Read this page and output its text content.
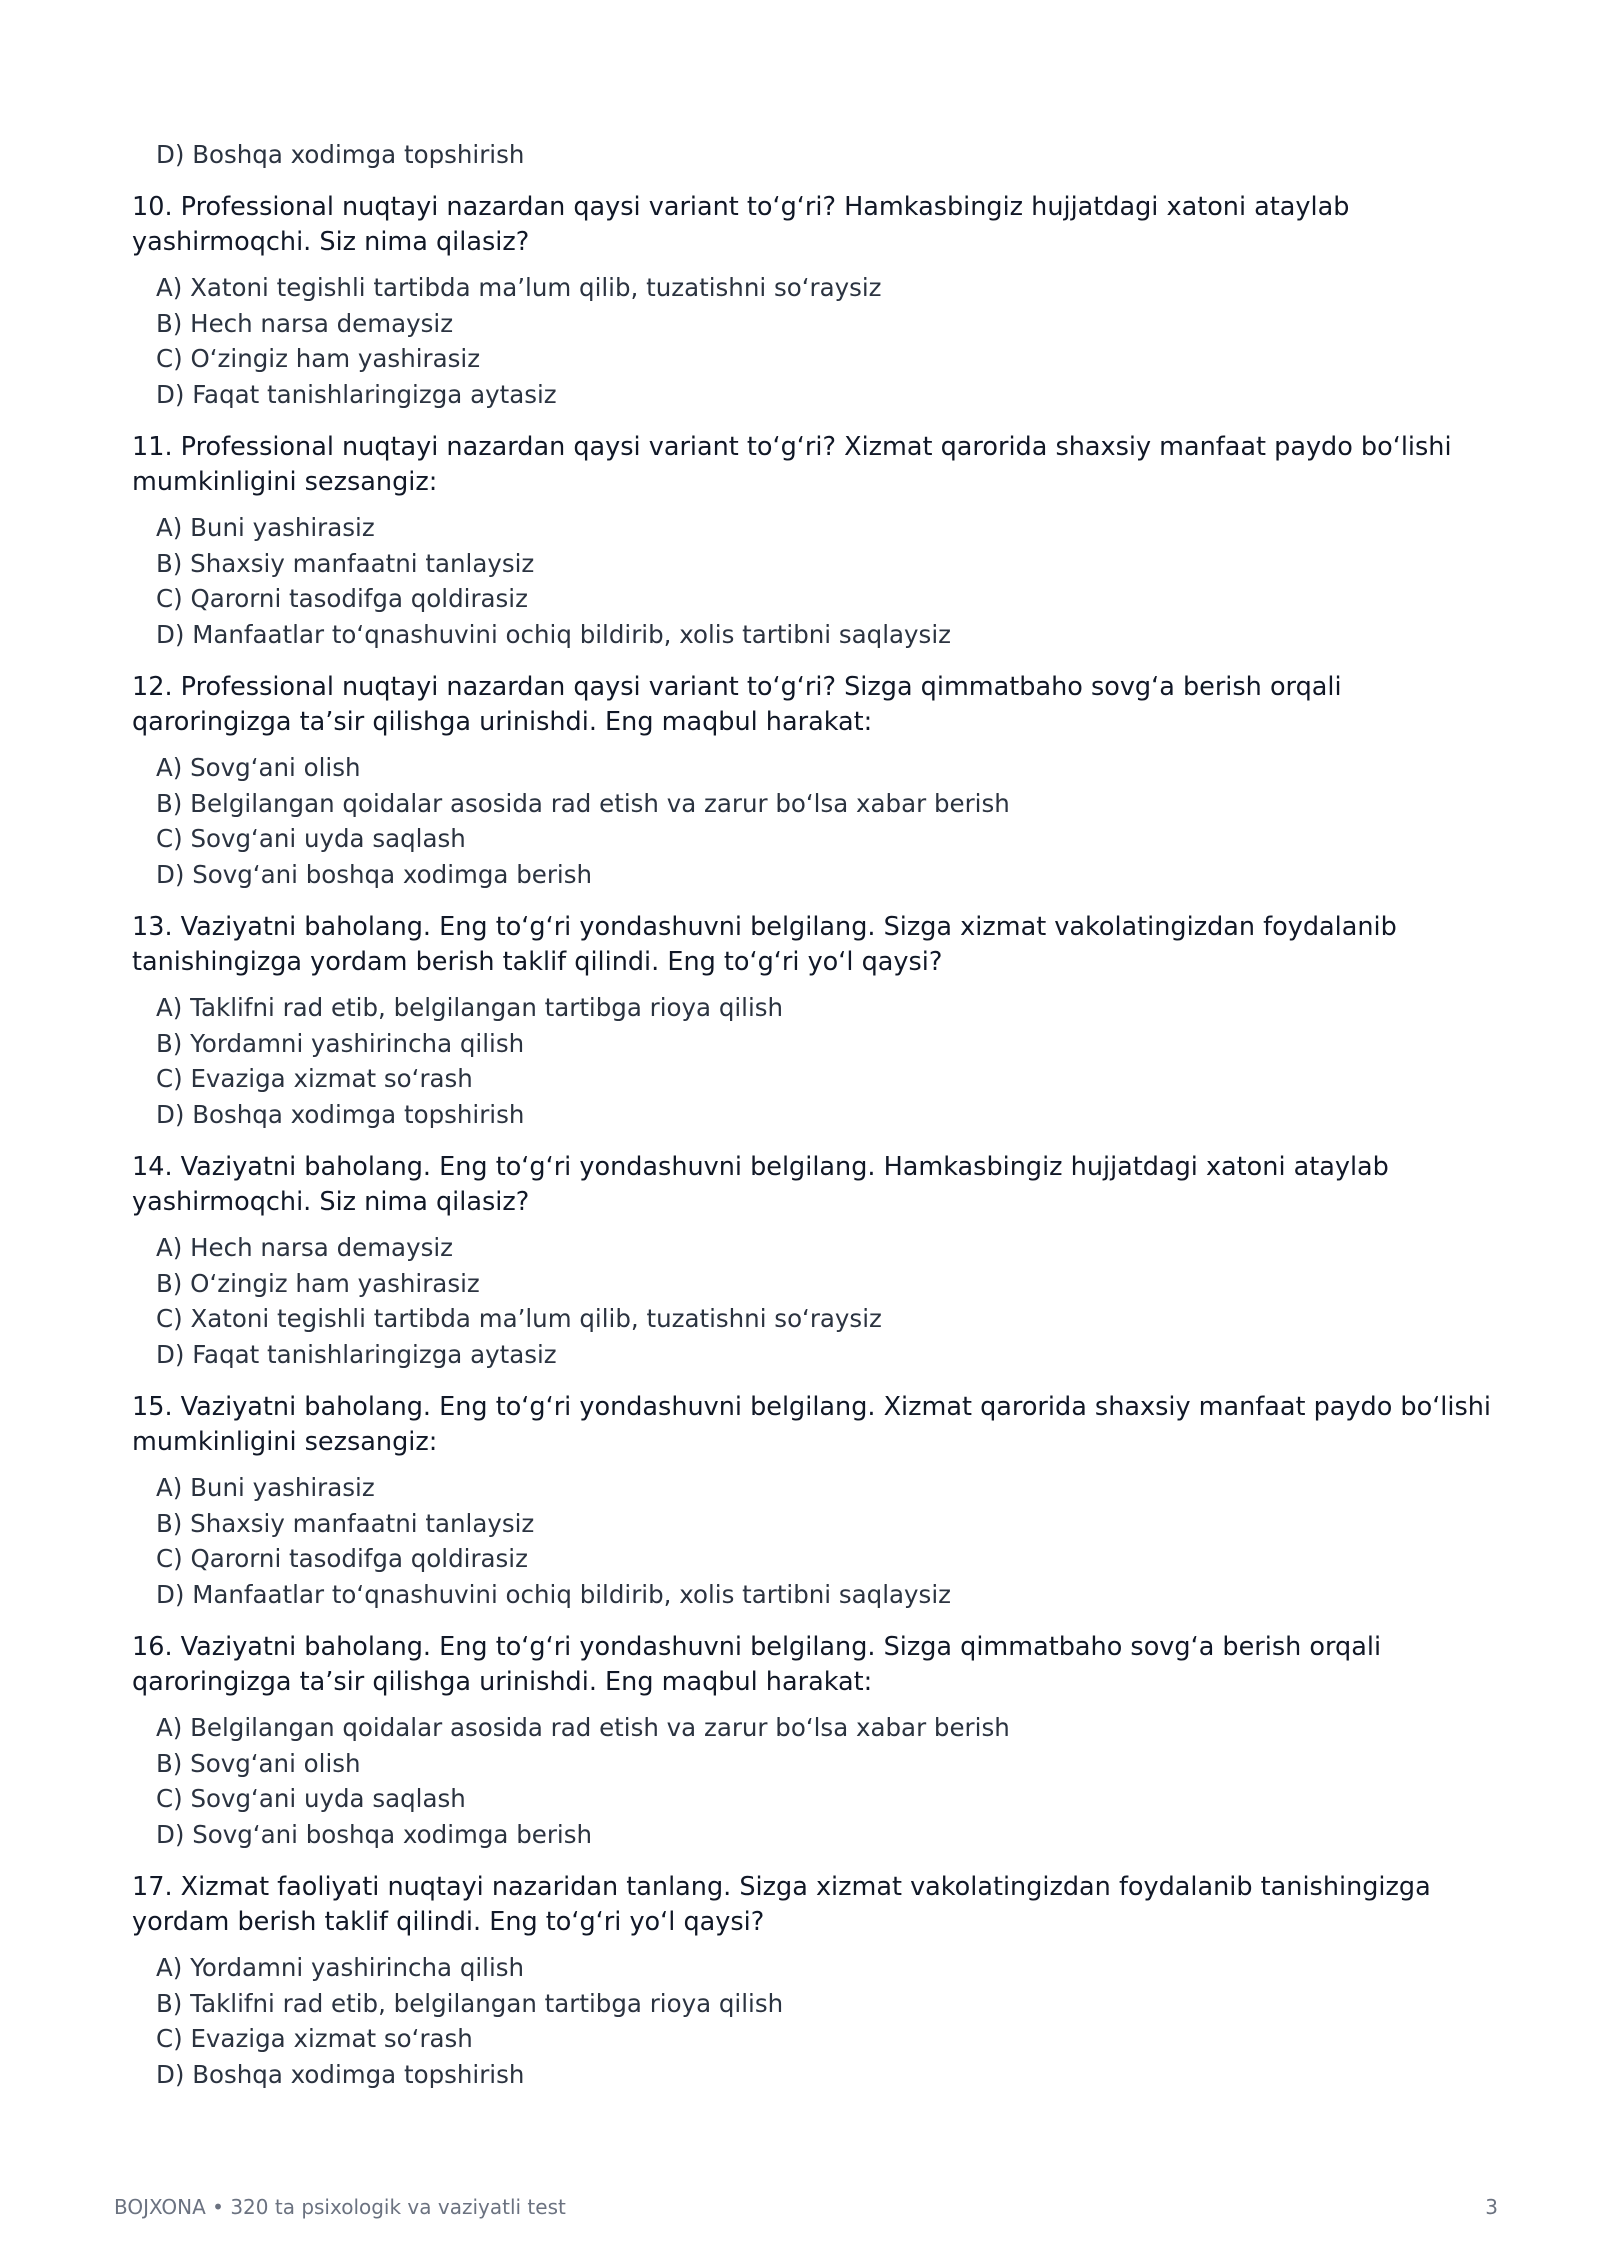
D) Boshqa xodimga topshirish

10. Professional nuqtayi nazardan qaysi variant to‘g‘ri? Hamkasbingiz hujjatdagi xatoni ataylab yashirmoqchi. Siz nima qilasiz?

A) Xatoni tegishli tartibda ma’lum qilib, tuzatishni so‘raysiz
B) Hech narsa demaysiz
C) O‘zingiz ham yashirasiz
D) Faqat tanishlaringizga aytasiz

11. Professional nuqtayi nazardan qaysi variant to‘g‘ri? Xizmat qarorida shaxsiy manfaat paydo bo‘lishi mumkinligini sezsangiz:

A) Buni yashirasiz
B) Shaxsiy manfaatni tanlaysiz
C) Qarorni tasodifga qoldirasiz
D) Manfaatlar to‘qnashuvini ochiq bildirib, xolis tartibni saqlaysiz

12. Professional nuqtayi nazardan qaysi variant to‘g‘ri? Sizga qimmatbaho sovg‘a berish orqali qaroringizga ta’sir qilishga urinishdi. Eng maqbul harakat:

A) Sovg‘ani olish
B) Belgilangan qoidalar asosida rad etish va zarur bo‘lsa xabar berish
C) Sovg‘ani uyda saqlash
D) Sovg‘ani boshqa xodimga berish

13. Vaziyatni baholang. Eng to‘g‘ri yondashuvni belgilang. Sizga xizmat vakolatingizdan foydalanib tanishingizga yordam berish taklif qilindi. Eng to‘g‘ri yo‘l qaysi?

A) Taklifni rad etib, belgilangan tartibga rioya qilish
B) Yordamni yashirincha qilish
C) Evaziga xizmat so‘rash
D) Boshqa xodimga topshirish

14. Vaziyatni baholang. Eng to‘g‘ri yondashuvni belgilang. Hamkasbingiz hujjatdagi xatoni ataylab yashirmoqchi. Siz nima qilasiz?

A) Hech narsa demaysiz
B) O‘zingiz ham yashirasiz
C) Xatoni tegishli tartibda ma’lum qilib, tuzatishni so‘raysiz
D) Faqat tanishlaringizga aytasiz

15. Vaziyatni baholang. Eng to‘g‘ri yondashuvni belgilang. Xizmat qarorida shaxsiy manfaat paydo bo‘lishi mumkinligini sezsangiz:

A) Buni yashirasiz
B) Shaxsiy manfaatni tanlaysiz
C) Qarorni tasodifga qoldirasiz
D) Manfaatlar to‘qnashuvini ochiq bildirib, xolis tartibni saqlaysiz

16. Vaziyatni baholang. Eng to‘g‘ri yondashuvni belgilang. Sizga qimmatbaho sovg‘a berish orqali qaroringizga ta’sir qilishga urinishdi. Eng maqbul harakat:

A) Belgilangan qoidalar asosida rad etish va zarur bo‘lsa xabar berish
B) Sovg‘ani olish
C) Sovg‘ani uyda saqlash
D) Sovg‘ani boshqa xodimga berish

17. Xizmat faoliyati nuqtayi nazaridan tanlang. Sizga xizmat vakolatingizdan foydalanib tanishingizga yordam berish taklif qilindi. Eng to‘g‘ri yo‘l qaysi?

A) Yordamni yashirincha qilish
B) Taklifni rad etib, belgilangan tartibga rioya qilish
C) Evaziga xizmat so‘rash
D) Boshqa xodimga topshirish
BOJXONA • 320 ta psixologik va vaziyatli test	3
